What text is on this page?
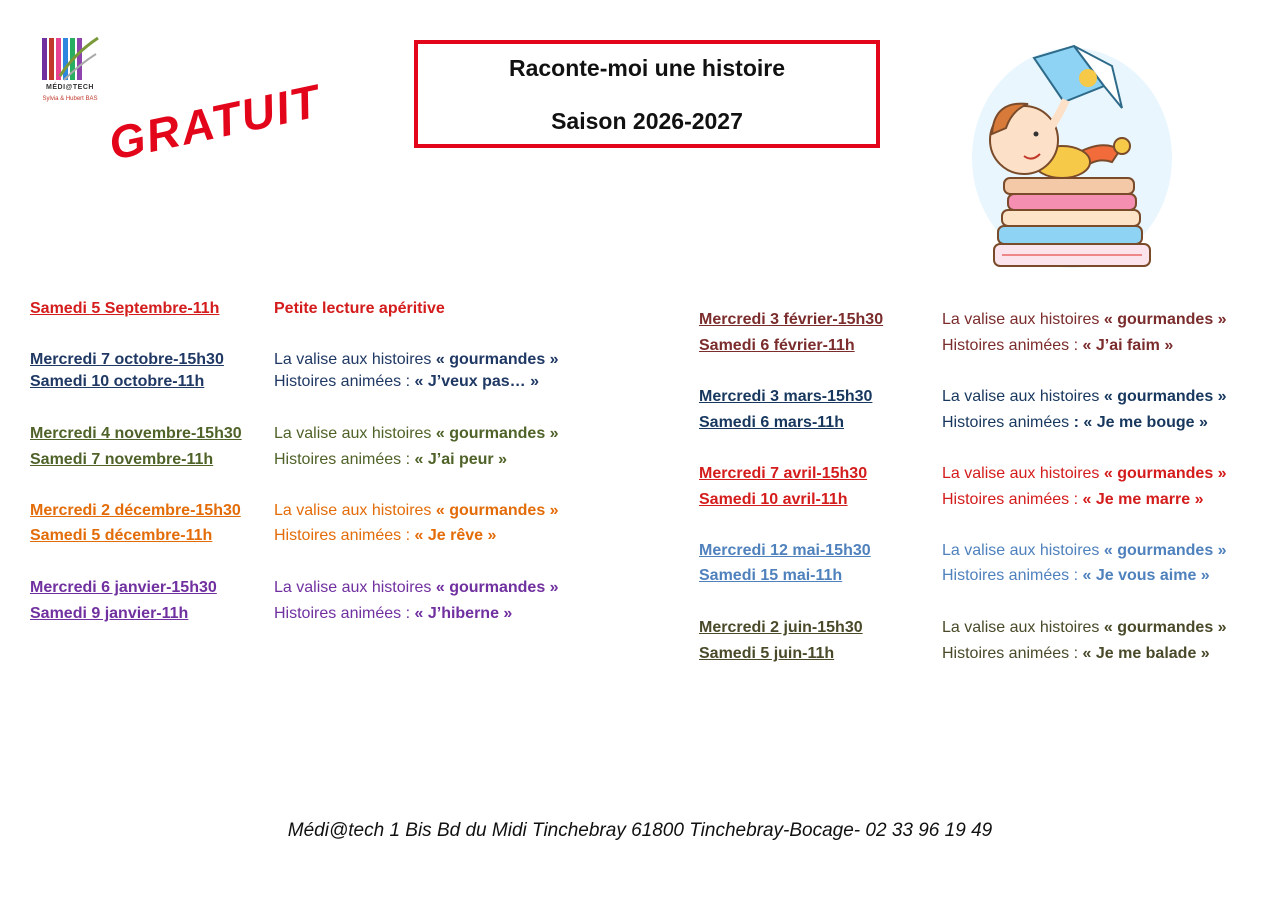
MÉDI@TECH
Sylvia & Hubert BAS GRATUIT
Raconte-moi une histoire
Saison 2026-2027
Samedi 5 Septembre-11h	Petite lecture apéritive
Mercredi 7 octobre-15h30	La valise aux histoires « gourmandes »
Samedi 10 octobre-11h	Histoires animées : « J’veux pas… »
Mercredi 4 novembre-15h30 La valise aux histoires « gourmandes »
Samedi 7 novembre-11h	Histoires animées : « J’ai peur »
Mercredi 2 décembre-15h30 La valise aux histoires « gourmandes »
Samedi 5 décembre-11h	Histoires animées : « Je rêve »
Mercredi 6 janvier-15h30	La valise aux histoires « gourmandes »
Samedi 9 janvier-11h	Histoires animées : « J’hiberne »
Mercredi 3 février-15h30	La valise aux histoires « gourmandes »
Samedi 6 février-11h	Histoires animées : « J’ai faim »
Mercredi 3 mars-15h30	La valise aux histoires « gourmandes »
Samedi 6 mars-11h	Histoires animées : « Je me bouge »
Mercredi 7 avril-15h30	La valise aux histoires « gourmandes »
Samedi 10 avril-11h	Histoires animées : « Je me marre »
Mercredi 12 mai-15h30	La valise aux histoires « gourmandes »
Samedi 15 mai-11h	Histoires animées : « Je vous aime »
Mercredi 2 juin-15h30	La valise aux histoires « gourmandes »
Samedi 5 juin-11h	Histoires animées : « Je me balade »
Médi@tech 1 Bis Bd du Midi Tinchebray 61800 Tinchebray-Bocage- 02 33 96 19 49
